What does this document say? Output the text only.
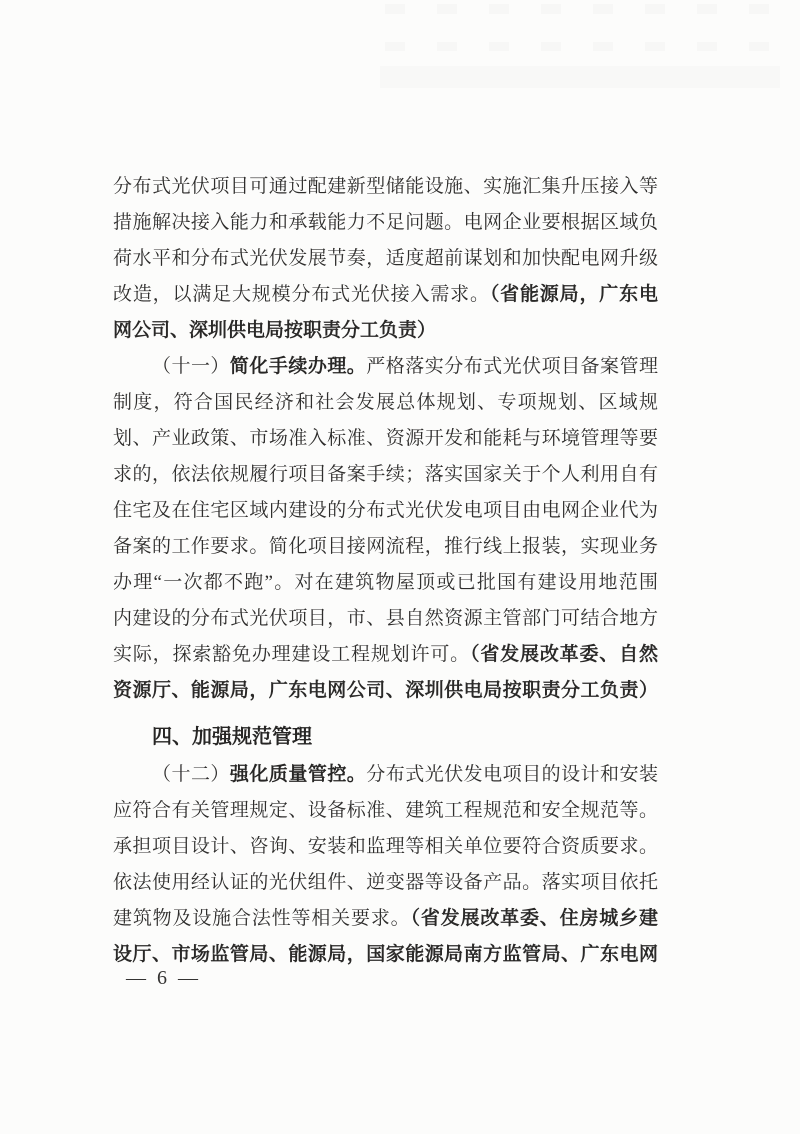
分布式光伏项目可通过配建新型储能设施、实施汇集升压接入等
措施解决接入能力和承载能力不足问题。电网企业要根据区域负
荷水平和分布式光伏发展节奏，适度超前谋划和加快配电网升级
改造，以满足大规模分布式光伏接入需求。（省能源局，广东电
网公司、深圳供电局按职责分工负责）
（十一）简化手续办理。严格落实分布式光伏项目备案管理
制度，符合国民经济和社会发展总体规划、专项规划、区域规
划、产业政策、市场准入标准、资源开发和能耗与环境管理等要
求的，依法依规履行项目备案手续；落实国家关于个人利用自有
住宅及在住宅区域内建设的分布式光伏发电项目由电网企业代为
备案的工作要求。简化项目接网流程，推行线上报装，实现业务
办理“一次都不跑”。对在建筑物屋顶或已批国有建设用地范围
内建设的分布式光伏项目，市、县自然资源主管部门可结合地方
实际，探索豁免办理建设工程规划许可。（省发展改革委、自然
资源厅、能源局，广东电网公司、深圳供电局按职责分工负责）
四、加强规范管理
（十二）强化质量管控。分布式光伏发电项目的设计和安装
应符合有关管理规定、设备标准、建筑工程规范和安全规范等。
承担项目设计、咨询、安装和监理等相关单位要符合资质要求。
依法使用经认证的光伏组件、逆变器等设备产品。落实项目依托
建筑物及设施合法性等相关要求。（省发展改革委、住房城乡建
设厅、市场监管局、能源局，国家能源局南方监管局、广东电网
— 6 —
